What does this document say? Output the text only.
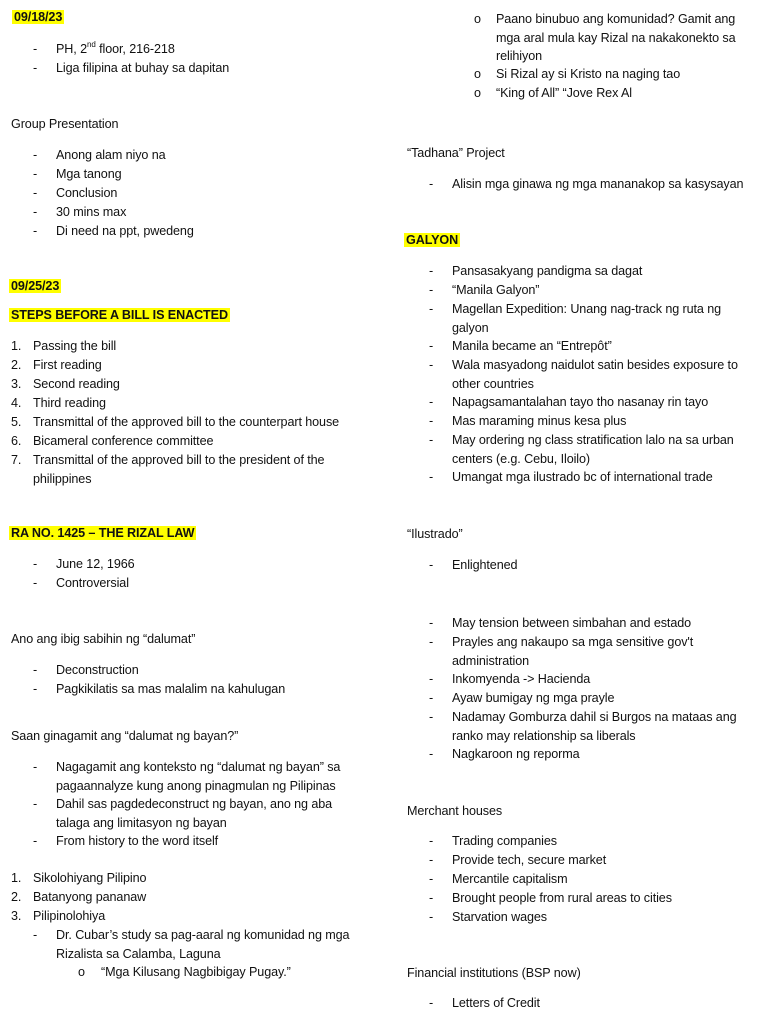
09/18/23
- PH, 2nd floor, 216-218
- Liga filipina at buhay sa dapitan
Group Presentation
- Anong alam niyo na
- Mga tanong
- Conclusion
- 30 mins max
- Di need na ppt, pwedeng
09/25/23
STEPS BEFORE A BILL IS ENACTED
1. Passing the bill
2. First reading
3. Second reading
4. Third reading
5. Transmittal of the approved bill to the counterpart house
6. Bicameral conference committee
7. Transmittal of the approved bill to the president of the
philippines
RA NO. 1425 – THE RIZAL LAW
- June 12, 1966
- Controversial
Ano ang ibig sabihin ng “dalumat”
- Deconstruction
- Pagkikilatis sa mas malalim na kahulugan
Saan ginagamit ang “dalumat ng bayan?”
- Nagagamit ang konteksto ng “dalumat ng bayan” sa
pagaannalyze kung anong pinagmulan ng Pilipinas
- Dahil sas pagdedeconstruct ng bayan, ano ng aba
talaga ang limitasyon ng bayan
- From history to the word itself
1. Sikolohiyang Pilipino
2. Batanyong pananaw
3. Pilipinolohiya
- Dr. Cubar’s study sa pag-aaral ng komunidad ng mga
Rizalista sa Calamba, Laguna
o “Mga Kilusang Nagbibigay Pugay.”
o Paano binubuo ang komunidad? Gamit ang
mga aral mula kay Rizal na nakakonekto sa
relihiyon
o Si Rizal ay si Kristo na naging tao
o “King of All” “Jove Rex Al
“Tadhana” Project
- Alisin mga ginawa ng mga mananakop sa kasysayan
GALYON
- Pansasakyang pandigma sa dagat
- “Manila Galyon”
- Magellan Expedition: Unang nag-track ng ruta ng
galyon
- Manila became an “Entrepôt”
- Wala masyadong naidulot satin besides exposure to
other countries
- Napagsamantalahan tayo tho nasanay rin tayo
- Mas maraming minus kesa plus
- May ordering ng class stratification lalo na sa urban
centers (e.g. Cebu, Iloilo)
- Umangat mga ilustrado bc of international trade
“Ilustrado”
- Enlightened
- May tension between simbahan and estado
- Prayles ang nakaupo sa mga sensitive gov't
administration
- Inkomyenda -> Hacienda
- Ayaw bumigay ng mga prayle
- Nadamay Gomburza dahil si Burgos na mataas ang
ranko may relationship sa liberals
- Nagkaroon ng reporma
Merchant houses
- Trading companies
- Provide tech, secure market
- Mercantile capitalism
- Brought people from rural areas to cities
- Starvation wages
Financial institutions (BSP now)
- Letters of Credit
